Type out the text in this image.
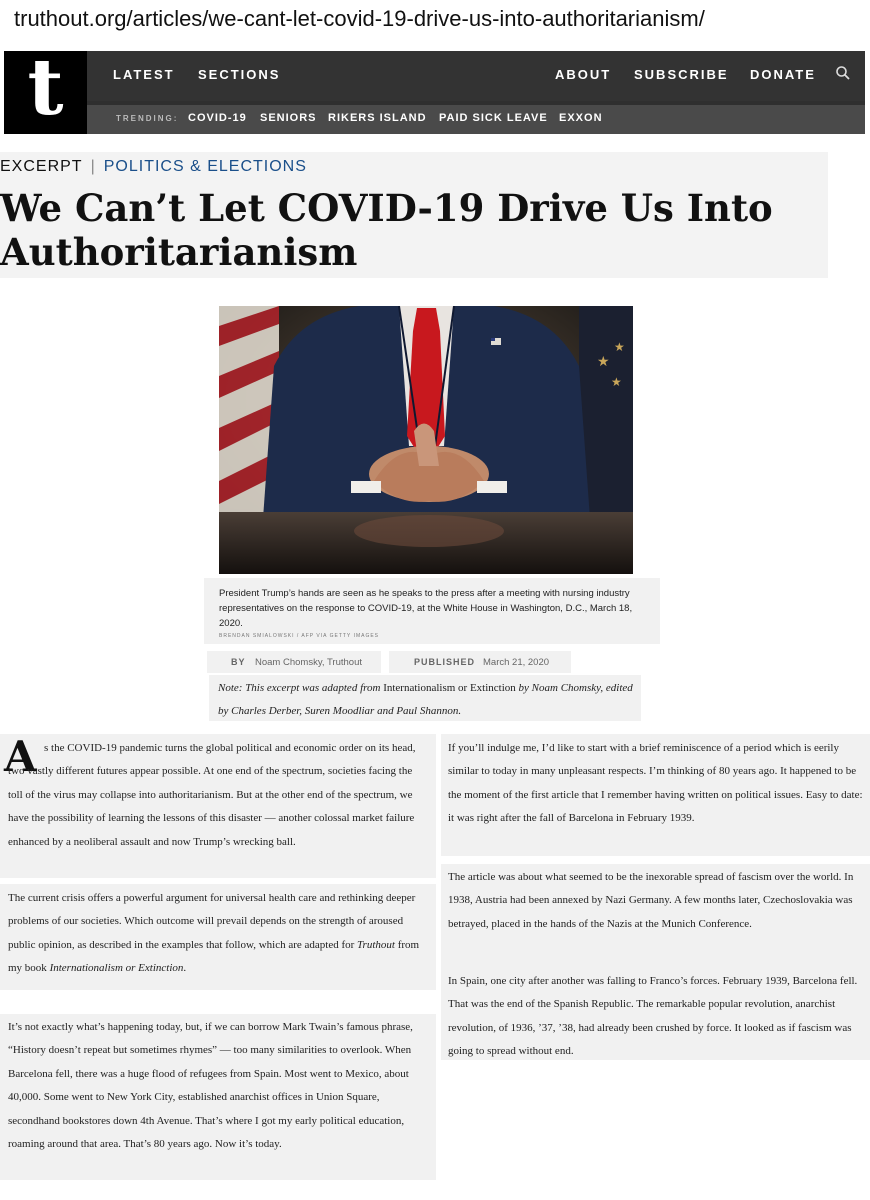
truthout.org/articles/we-cant-let-covid-19-drive-us-into-authoritarianism/
t	LATEST SECTIONS	ABOUT SUBSCRIBE DONATE
TRENDING: COVID-19 SENIORS RIKERS ISLAND PAID SICK LEAVE EXXON
EXCERPT | POLITICS & ELECTIONS
We Can’t Let COVID-19 Drive Us Into Authoritarianism
★
★
★

President Trump’s hands are seen as he speaks to the press after a meeting with nursing industry representatives on the response to COVID-19, at the White House in Washington, D.C., March 18, 2020.

BRENDAN SMIALOWSKI / AFP VIA GETTY IMAGES
BY Noam Chomsky, Truthout	PUBLISHED March 21, 2020

Note: This excerpt was adapted from Internationalism or Extinction by Noam Chomsky, edited by Charles Derber, Suren Moodliar and Paul Shannon.

A s the COVID-19 pandemic turns the global political and economic order on its head, two vastly different futures appear possible. At one end of the spectrum, societies facing the toll of the virus may collapse into authoritarianism. But at the other end of the spectrum, we have the possibility of learning the lessons of this disaster — another colossal market failure enhanced by a neoliberal assault and now Trump’s wrecking ball.

The current crisis offers a powerful argument for universal health care and rethinking deeper problems of our societies. Which outcome will prevail depends on the strength of aroused public opinion, as described in the examples that follow, which are adapted for Truthout from my book Internationalism or Extinction.

It’s not exactly what’s happening today, but, if we can borrow Mark Twain’s famous phrase, “History doesn’t repeat but sometimes rhymes” — too many similarities to overlook. When Barcelona fell, there was a huge flood of refugees from Spain. Most went to Mexico, about 40,000. Some went to New York City, established anarchist offices in Union Square, secondhand bookstores down 4th Avenue. That’s where I got my early political education, roaming around that area. That’s 80 years ago. Now it’s today.

If you’ll indulge me, I’d like to start with a brief reminiscence of a period which is eerily similar to today in many unpleasant respects. I’m thinking of 80 years ago. It happened to be the moment of the first article that I remember having written on political issues. Easy to date: it was right after the fall of Barcelona in February 1939.

The article was about what seemed to be the inexorable spread of fascism over the world. In 1938, Austria had been annexed by Nazi Germany. A few months later, Czechoslovakia was betrayed, placed in the hands of the Nazis at the Munich Conference.

In Spain, one city after another was falling to Franco’s forces. February 1939, Barcelona fell. That was the end of the Spanish Republic. The remarkable popular revolution, anarchist revolution, of 1936, ’37, ’38, had already been crushed by force. It looked as if fascism was going to spread without end.
